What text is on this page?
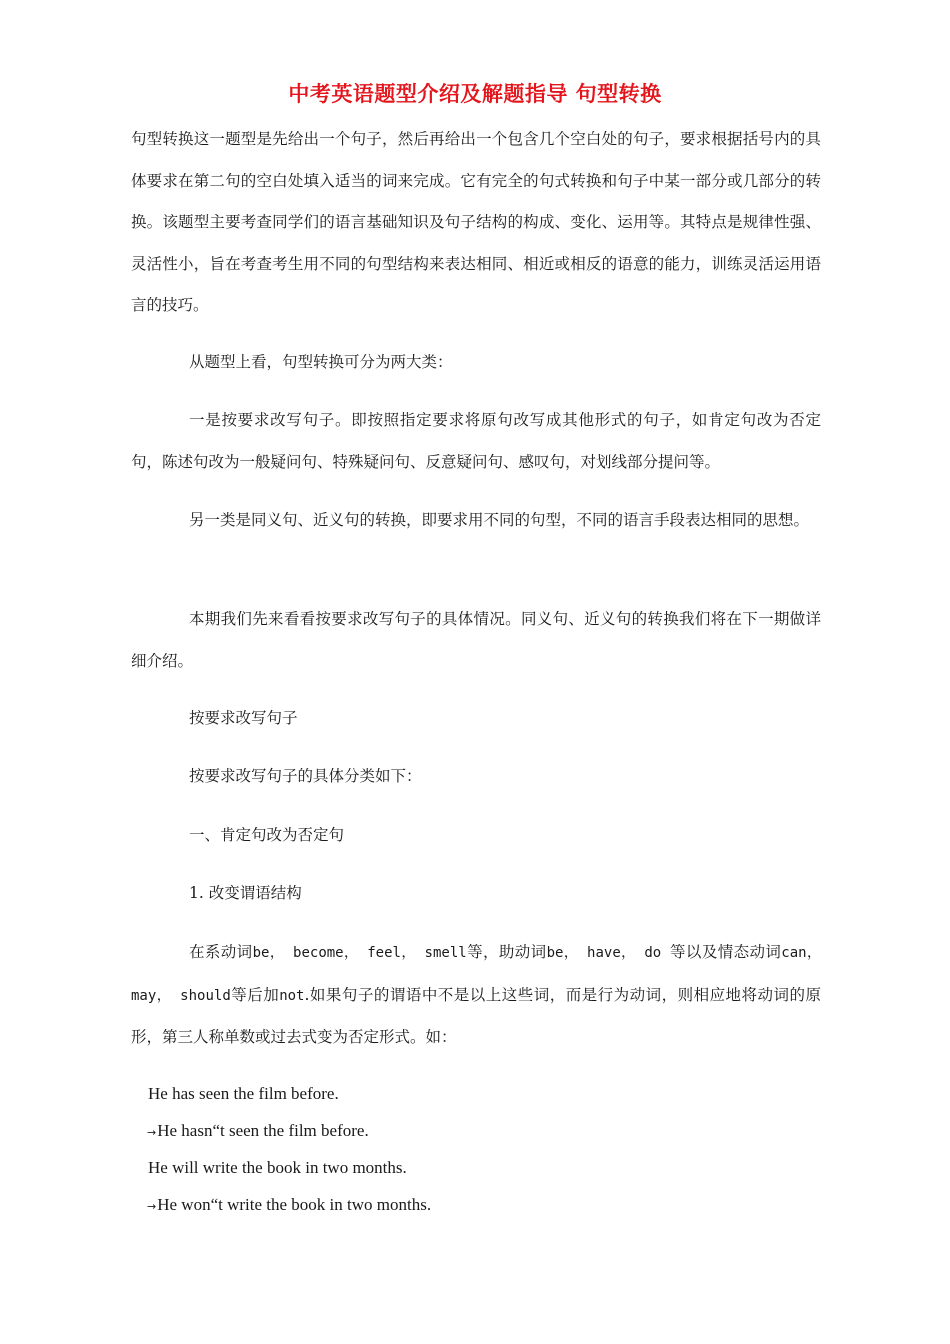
中考英语题型介绍及解题指导 句型转换
句型转换这一题型是先给出一个句子，然后再给出一个包含几个空白处的句子，要求根据括号内的具体要求在第二句的空白处填入适当的词来完成。它有完全的句式转换和句子中某一部分或几部分的转换。该题型主要考查同学们的语言基础知识及句子结构的构成、变化、运用等。其特点是规律性强、灵活性小，旨在考查考生用不同的句型结构来表达相同、相近或相反的语意的能力，训练灵活运用语言的技巧。
从题型上看，句型转换可分为两大类：
一是按要求改写句子。即按照指定要求将原句改写成其他形式的句子，如肯定句改为否定句，陈述句改为一般疑问句、特殊疑问句、反意疑问句、感叹句，对划线部分提问等。
另一类是同义句、近义句的转换，即要求用不同的句型，不同的语言手段表达相同的思想。
本期我们先来看看按要求改写句子的具体情况。同义句、近义句的转换我们将在下一期做详细介绍。
按要求改写句子
按要求改写句子的具体分类如下：
一、肯定句改为否定句
1. 改变谓语结构
在系动词be， become， feel， smell等，助动词be， have， do 等以及情态动词can， may， should等后加not.如果句子的谓语中不是以上这些词，而是行为动词，则相应地将动词的原形，第三人称单数或过去式变为否定形式。如：
He has seen the film before.
→He hasn“t seen the film before.
He will write the book in two months.
→He won“t write the book in two months.
